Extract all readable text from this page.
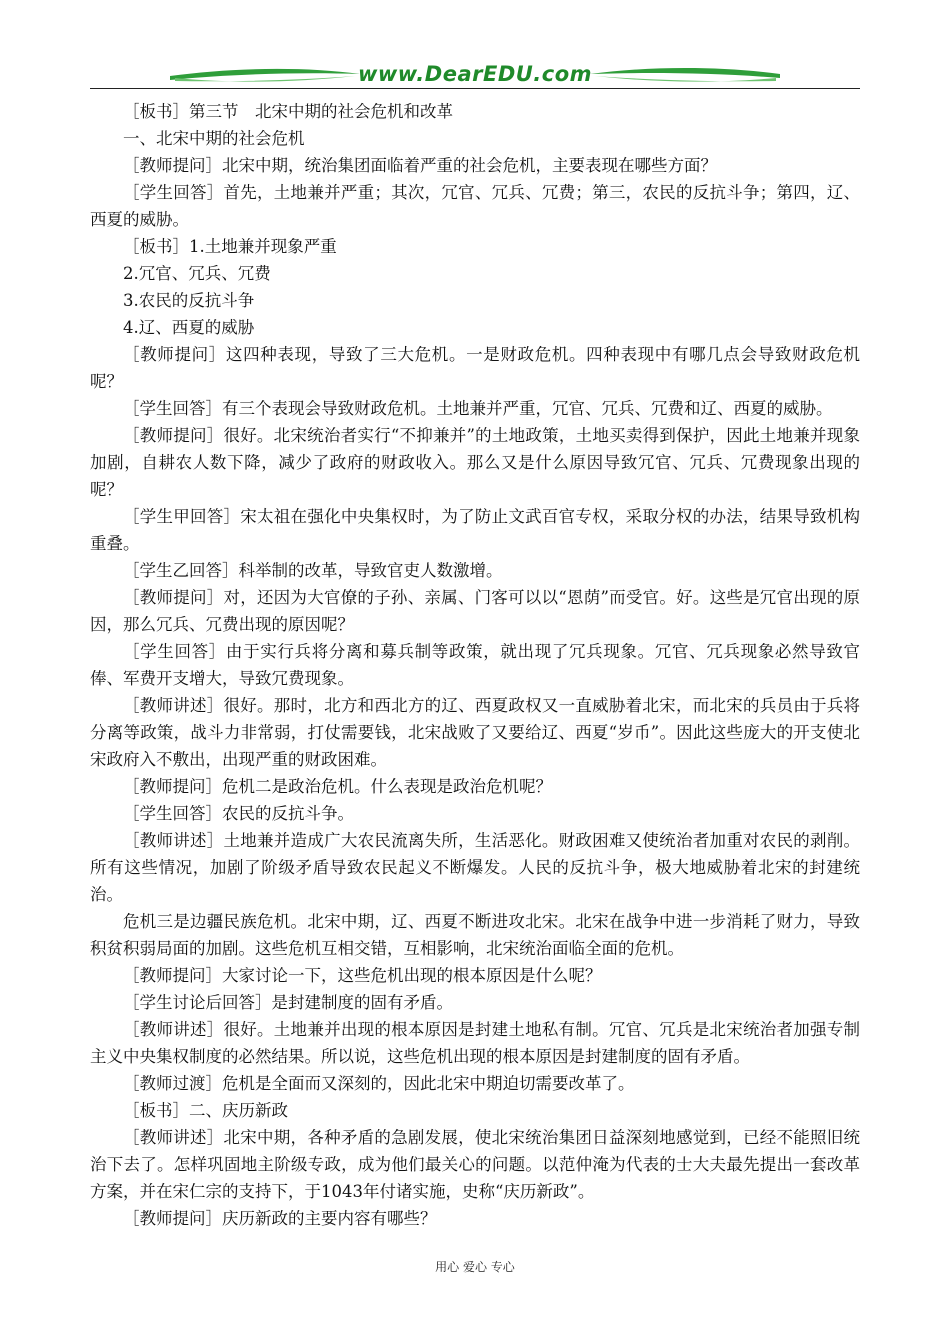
www.DearEDU.com

［板书］第三节　北宋中期的社会危机和改革

一、北宋中期的社会危机

［教师提问］北宋中期，统治集团面临着严重的社会危机，主要表现在哪些方面？

［学生回答］首先，土地兼并严重；其次，冗官、冗兵、冗费；第三，农民的反抗斗争；第四，辽、西夏的威胁。

［板书］1.土地兼并现象严重

2.冗官、冗兵、冗费

3.农民的反抗斗争

4.辽、西夏的威胁

［教师提问］这四种表现，导致了三大危机。一是财政危机。四种表现中有哪几点会导致财政危机呢？

［学生回答］有三个表现会导致财政危机。土地兼并严重，冗官、冗兵、冗费和辽、西夏的威胁。

［教师提问］很好。北宋统治者实行“不抑兼并”的土地政策，土地买卖得到保护，因此土地兼并现象加剧，自耕农人数下降，减少了政府的财政收入。那么又是什么原因导致冗官、冗兵、冗费现象出现的呢？

［学生甲回答］宋太祖在强化中央集权时，为了防止文武百官专权，采取分权的办法，结果导致机构重叠。

［学生乙回答］科举制的改革，导致官吏人数激增。

［教师提问］对，还因为大官僚的子孙、亲属、门客可以以“恩荫”而受官。好。这些是冗官出现的原因，那么冗兵、冗费出现的原因呢？

［学生回答］由于实行兵将分离和募兵制等政策，就出现了冗兵现象。冗官、冗兵现象必然导致官俸、军费开支增大，导致冗费现象。

［教师讲述］很好。那时，北方和西北方的辽、西夏政权又一直威胁着北宋，而北宋的兵员由于兵将分离等政策，战斗力非常弱，打仗需要钱，北宋战败了又要给辽、西夏“岁币”。因此这些庞大的开支使北宋政府入不敷出，出现严重的财政困难。

［教师提问］危机二是政治危机。什么表现是政治危机呢？

［学生回答］农民的反抗斗争。

［教师讲述］土地兼并造成广大农民流离失所，生活恶化。财政困难又使统治者加重对农民的剥削。所有这些情况，加剧了阶级矛盾导致农民起义不断爆发。人民的反抗斗争，极大地威胁着北宋的封建统治。

危机三是边疆民族危机。北宋中期，辽、西夏不断进攻北宋。北宋在战争中进一步消耗了财力，导致积贫积弱局面的加剧。这些危机互相交错，互相影响，北宋统治面临全面的危机。

［教师提问］大家讨论一下，这些危机出现的根本原因是什么呢？

［学生讨论后回答］是封建制度的固有矛盾。

［教师讲述］很好。土地兼并出现的根本原因是封建土地私有制。冗官、冗兵是北宋统治者加强专制主义中央集权制度的必然结果。所以说，这些危机出现的根本原因是封建制度的固有矛盾。

［教师过渡］危机是全面而又深刻的，因此北宋中期迫切需要改革了。

［板书］二、庆历新政

［教师讲述］北宋中期，各种矛盾的急剧发展，使北宋统治集团日益深刻地感觉到，已经不能照旧统治下去了。怎样巩固地主阶级专政，成为他们最关心的问题。以范仲淹为代表的士大夫最先提出一套改革方案，并在宋仁宗的支持下，于1043年付诸实施，史称“庆历新政”。

［教师提问］庆历新政的主要内容有哪些？

用心 爱心 专心
